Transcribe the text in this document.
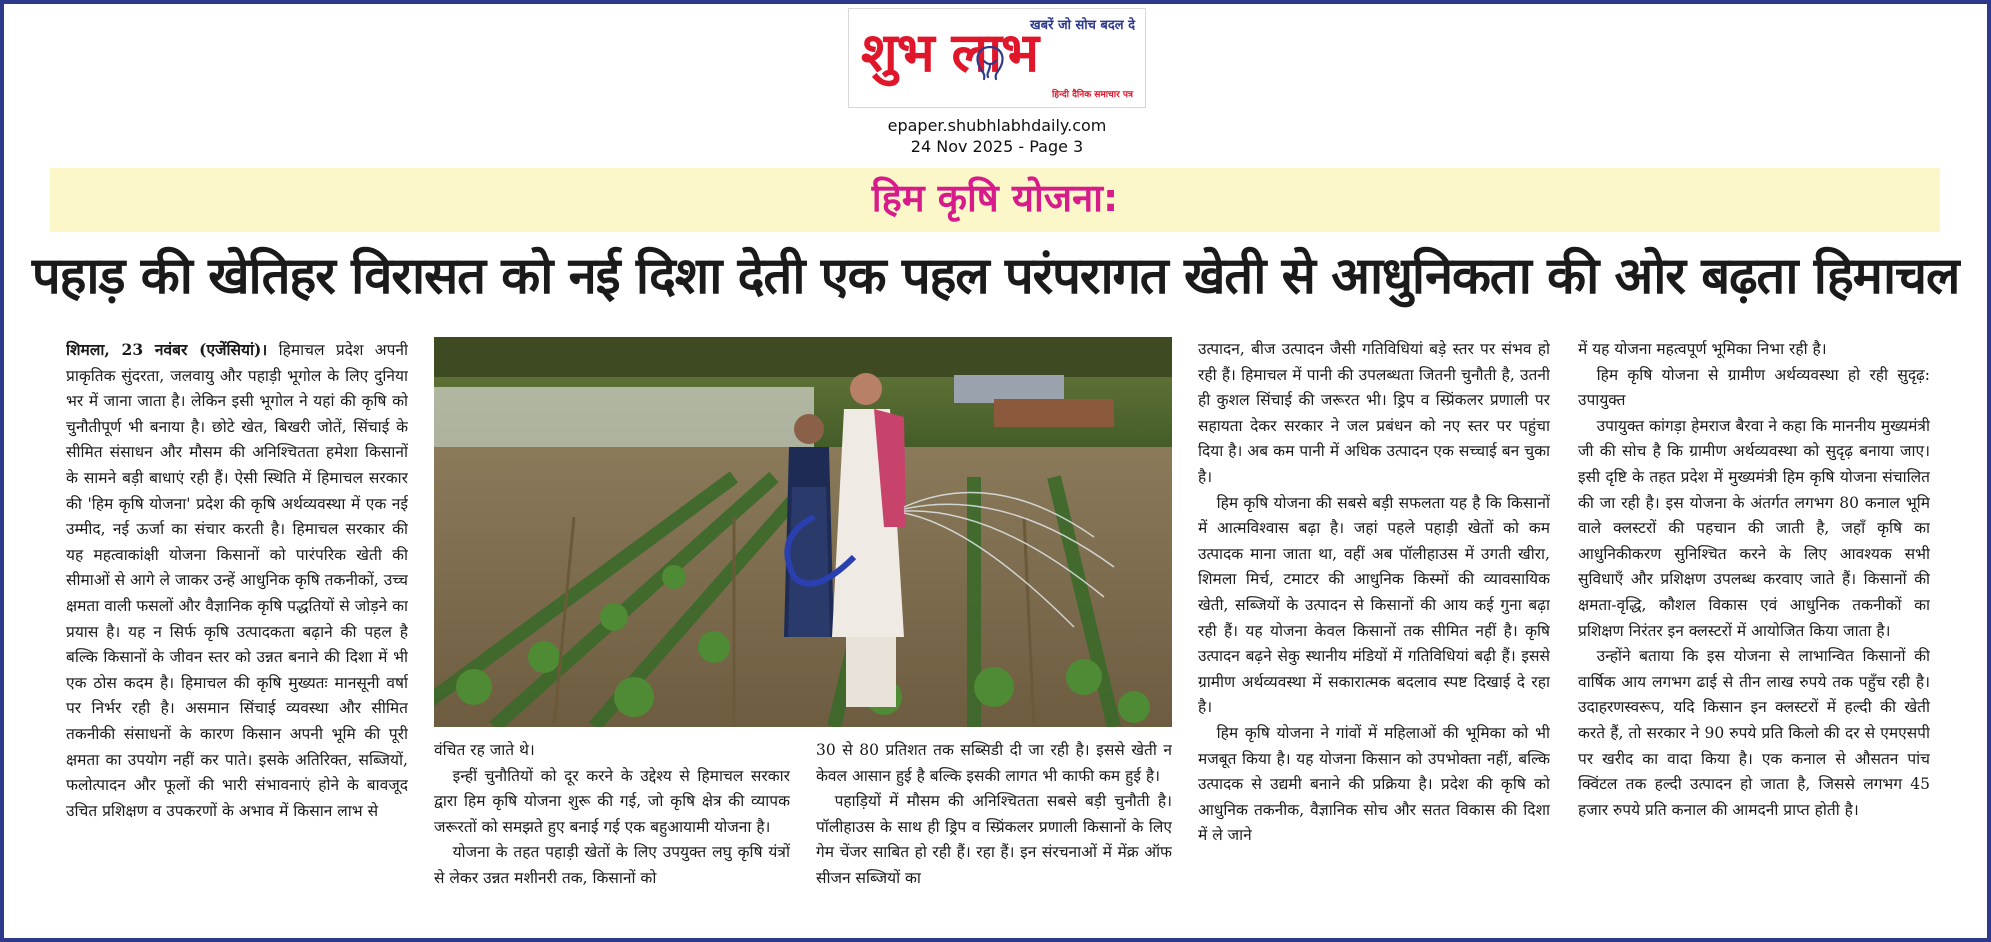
खबरें जो सोच बदल दे
शुभ लाभ
हिन्दी दैनिक समाचार पत्र
epaper.shubhlabhdaily.com
24 Nov 2025 - Page 3
हिम कृषि योजना:
पहाड़ की खेतिहर विरासत को नई दिशा देती एक पहल परंपरागत खेती से आधुनिकता की ओर बढ़ता हिमाचल

शिमला, 23 नवंबर (एजेंसियां)। हिमाचल प्रदेश अपनी प्राकृतिक सुंदरता, जलवायु और पहाड़ी भूगोल के लिए दुनिया भर में जाना जाता है। लेकिन इसी भूगोल ने यहां की कृषि को चुनौतीपूर्ण भी बनाया है। छोटे खेत, बिखरी जोतें, सिंचाई के सीमित संसाधन और मौसम की अनिश्चितता हमेशा किसानों के सामने बड़ी बाधाएं रही हैं। ऐसी स्थिति में हिमाचल सरकार की 'हिम कृषि योजना' प्रदेश की कृषि अर्थव्यवस्था में एक नई उम्मीद, नई ऊर्जा का संचार करती है। हिमाचल सरकार की यह महत्वाकांक्षी योजना किसानों को पारंपरिक खेती की सीमाओं से आगे ले जाकर उन्हें आधुनिक कृषि तकनीकों, उच्च क्षमता वाली फसलों और वैज्ञानिक कृषि पद्धतियों से जोड़ने का प्रयास है। यह न सिर्फ कृषि उत्पादकता बढ़ाने की पहल है बल्कि किसानों के जीवन स्तर को उन्नत बनाने की दिशा में भी एक ठोस कदम है। हिमाचल की कृषि मुख्यतः मानसूनी वर्षा पर निर्भर रही है। असमान सिंचाई व्यवस्था और सीमित तकनीकी संसाधनों के कारण किसान अपनी भूमि की पूरी क्षमता का उपयोग नहीं कर पाते। इसके अतिरिक्त, सब्जियों, फलोत्पादन और फूलों की भारी संभावनाएं होने के बावजूद उचित प्रशिक्षण व उपकरणों के अभाव में किसान लाभ से

वंचित रह जाते थे।

इन्हीं चुनौतियों को दूर करने के उद्देश्य से हिमाचल सरकार द्वारा हिम कृषि योजना शुरू की गई, जो कृषि क्षेत्र की व्यापक जरूरतों को समझते हुए बनाई गई एक बहुआयामी योजना है।

योजना के तहत पहाड़ी खेतों के लिए उपयुक्त लघु कृषि यंत्रों से लेकर उन्नत मशीनरी तक, किसानों को

30 से 80 प्रतिशत तक सब्सिडी दी जा रही है। इससे खेती न केवल आसान हुई है बल्कि इसकी लागत भी काफी कम हुई है।

पहाड़ियों में मौसम की अनिश्चितता सबसे बड़ी चुनौती है। पॉलीहाउस के साथ ही ड्रिप व स्प्रिंकलर प्रणाली किसानों के लिए गेम चेंजर साबित हो रही हैं। रहा हैं। इन संरचनाओं में मेंक्र ऑफ सीजन सब्जियों का

उत्पादन, बीज उत्पादन जैसी गतिविधियां बड़े स्तर पर संभव हो रही हैं। हिमाचल में पानी की उपलब्धता जितनी चुनौती है, उतनी ही कुशल सिंचाई की जरूरत भी। ड्रिप व स्प्रिंकलर प्रणाली पर सहायता देकर सरकार ने जल प्रबंधन को नए स्तर पर पहुंचा दिया है। अब कम पानी में अधिक उत्पादन एक सच्चाई बन चुका है।

हिम कृषि योजना की सबसे बड़ी सफलता यह है कि किसानों में आत्मविश्वास बढ़ा है। जहां पहले पहाड़ी खेतों को कम उत्पादक माना जाता था, वहीं अब पॉलीहाउस में उगती खीरा, शिमला मिर्च, टमाटर की आधुनिक किस्मों की व्यावसायिक खेती, सब्जियों के उत्पादन से किसानों की आय कई गुना बढ़ा रही हैं। यह योजना केवल किसानों तक सीमित नहीं है। कृषि उत्पादन बढ़ने सेकु स्थानीय मंडियों में गतिविधियां बढ़ी हैं। इससे ग्रामीण अर्थव्यवस्था में सकारात्मक बदलाव स्पष्ट दिखाई दे रहा है।

हिम कृषि योजना ने गांवों में महिलाओं की भूमिका को भी मजबूत किया है। यह योजना किसान को उपभोक्ता नहीं, बल्कि उत्पादक से उद्यमी बनाने की प्रक्रिया है। प्रदेश की कृषि को आधुनिक तकनीक, वैज्ञानिक सोच और सतत विकास की दिशा में ले जाने

में यह योजना महत्वपूर्ण भूमिका निभा रही है।

हिम कृषि योजना से ग्रामीण अर्थव्यवस्था हो रही सुदृढ़: उपायुक्त

उपायुक्त कांगड़ा हेमराज बैरवा ने कहा कि माननीय मुख्यमंत्री जी की सोच है कि ग्रामीण अर्थव्यवस्था को सुदृढ़ बनाया जाए। इसी दृष्टि के तहत प्रदेश में मुख्यमंत्री हिम कृषि योजना संचालित की जा रही है। इस योजना के अंतर्गत लगभग 80 कनाल भूमि वाले क्लस्टरों की पहचान की जाती है, जहाँ कृषि का आधुनिकीकरण सुनिश्चित करने के लिए आवश्यक सभी सुविधाएँ और प्रशिक्षण उपलब्ध करवाए जाते हैं। किसानों की क्षमता-वृद्धि, कौशल विकास एवं आधुनिक तकनीकों का प्रशिक्षण निरंतर इन क्लस्टरों में आयोजित किया जाता है।

उन्होंने बताया कि इस योजना से लाभान्वित किसानों की वार्षिक आय लगभग ढाई से तीन लाख रुपये तक पहुँच रही है। उदाहरणस्वरूप, यदि किसान इन क्लस्टरों में हल्दी की खेती करते हैं, तो सरकार ने 90 रुपये प्रति किलो की दर से एमएसपी पर खरीद का वादा किया है। एक कनाल से औसतन पांच क्विंटल तक हल्दी उत्पादन हो जाता है, जिससे लगभग 45 हजार रुपये प्रति कनाल की आमदनी प्राप्त होती है।
